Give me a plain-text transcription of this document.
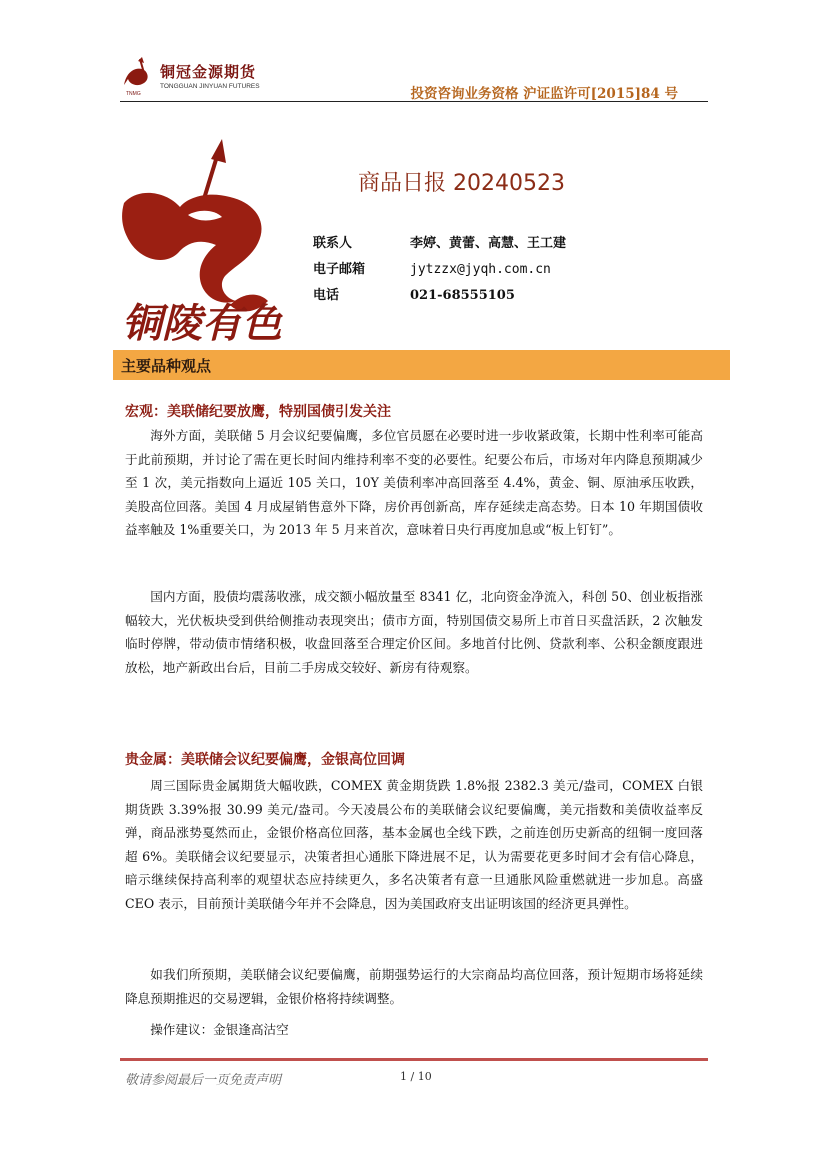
铜冠金源期货
TONGGUAN JINYUAN FUTURES
TNMG	投资咨询业务资格 沪证监许可[2015]84 号
铜陵有色
商品日报 20240523
联系人	李婷、黄蕾、高慧、王工建
电子邮箱	jytzzx@jyqh.com.cn
电话	021-68555105
主要品种观点
宏观：美联储纪要放鹰，特别国债引发关注
海外方面，美联储 5 月会议纪要偏鹰，多位官员愿在必要时进一步收紧政策，长期中性利率可能高于此前预期，并讨论了需在更长时间内维持利率不变的必要性。纪要公布后，市场对年内降息预期减少至 1 次，美元指数向上逼近 105 关口，10Y 美债利率冲高回落至 4.4%，黄金、铜、原油承压收跌，美股高位回落。美国 4 月成屋销售意外下降，房价再创新高，库存延续走高态势。日本 10 年期国债收益率触及 1%重要关口，为 2013 年 5 月来首次，意味着日央行再度加息或“板上钉钉”。
国内方面，股债均震荡收涨，成交额小幅放量至 8341 亿，北向资金净流入，科创 50、创业板指涨幅较大，光伏板块受到供给侧推动表现突出；债市方面，特别国债交易所上市首日买盘活跃，2 次触发临时停牌，带动债市情绪积极，收盘回落至合理定价区间。多地首付比例、贷款利率、公积金额度跟进放松，地产新政出台后，目前二手房成交较好、新房有待观察。
贵金属：美联储会议纪要偏鹰，金银高位回调
周三国际贵金属期货大幅收跌，COMEX 黄金期货跌 1.8%报 2382.3 美元/盎司，COMEX 白银期货跌 3.39%报 30.99 美元/盎司。今天凌晨公布的美联储会议纪要偏鹰，美元指数和美债收益率反弹，商品涨势戛然而止，金银价格高位回落，基本金属也全线下跌，之前连创历史新高的纽铜一度回落超 6%。美联储会议纪要显示，决策者担心通胀下降进展不足，认为需要花更多时间才会有信心降息，暗示继续保持高利率的观望状态应持续更久，多名决策者有意一旦通胀风险重燃就进一步加息。高盛 CEO 表示，目前预计美联储今年并不会降息，因为美国政府支出证明该国的经济更具弹性。
如我们所预期，美联储会议纪要偏鹰，前期强势运行的大宗商品均高位回落，预计短期市场将延续降息预期推迟的交易逻辑，金银价格将持续调整。
操作建议：金银逢高沽空
敬请参阅最后一页免责声明	1 / 10
